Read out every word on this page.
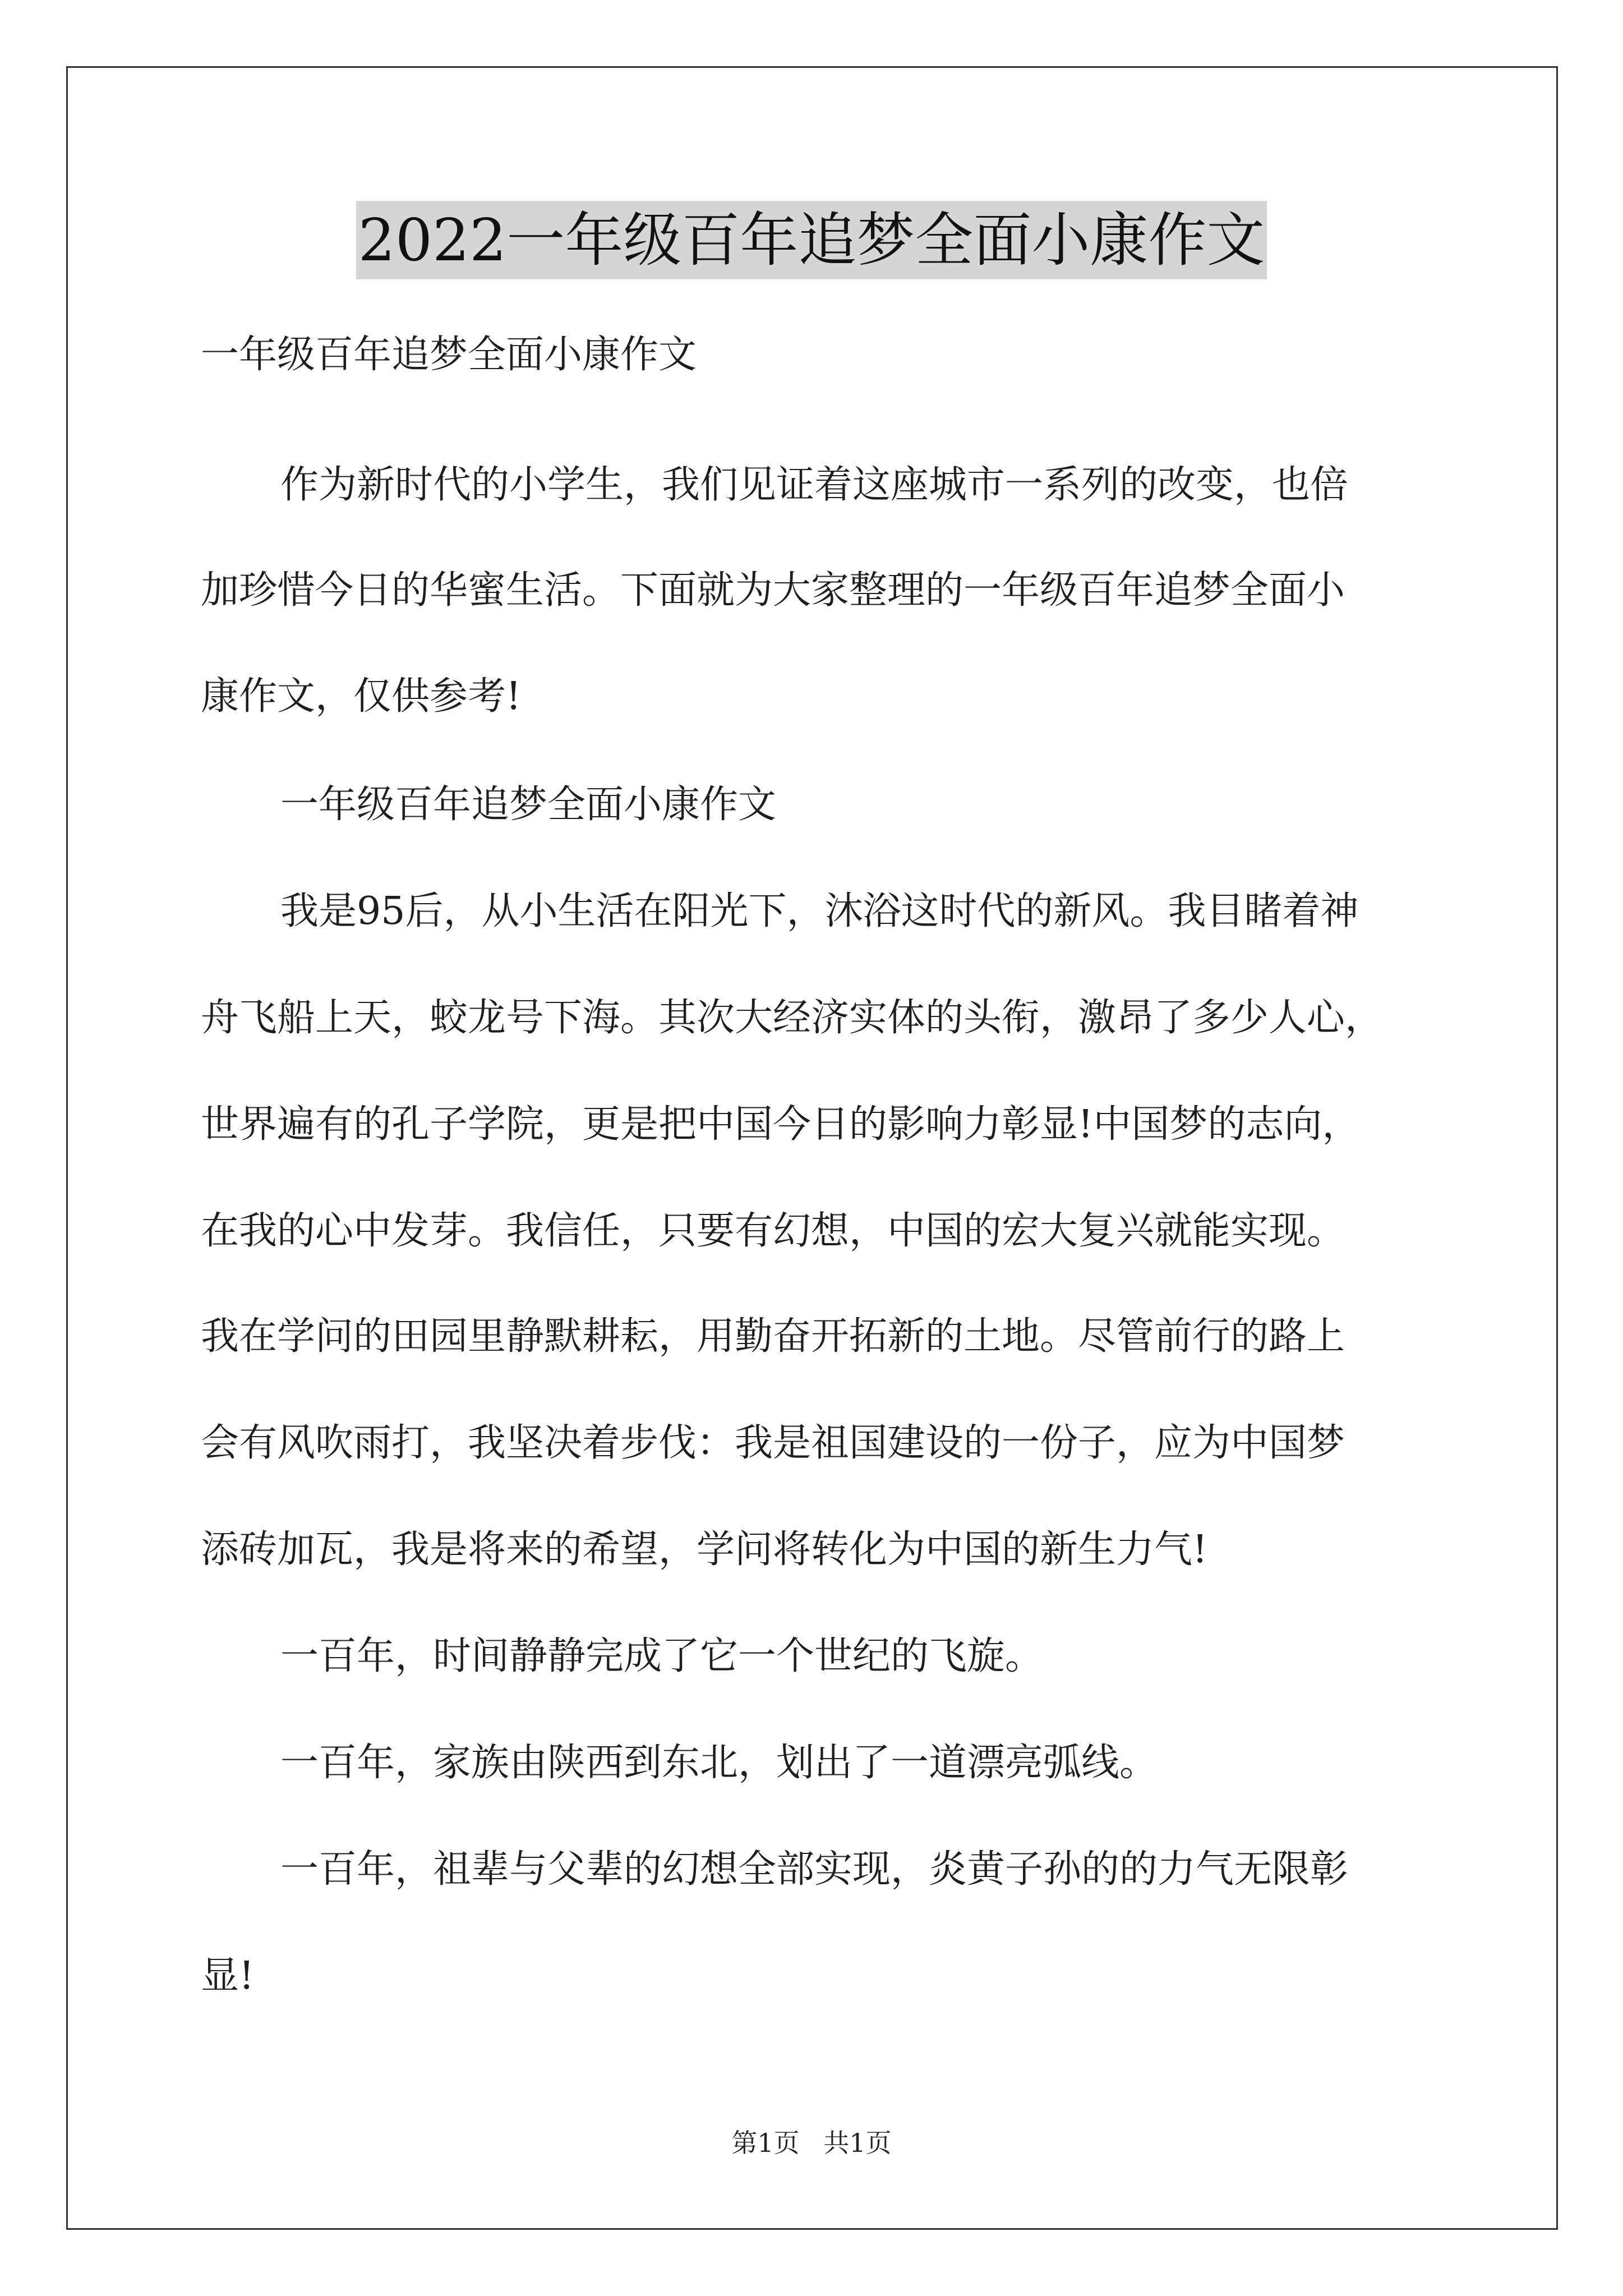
2022一年级百年追梦全面小康作文
一年级百年追梦全面小康作文
作为新时代的小学生，我们见证着这座城市一系列的改变，也倍
加珍惜今日的华蜜生活。下面就为大家整理的一年级百年追梦全面小
康作文，仅供参考!
一年级百年追梦全面小康作文
我是95后，从小生活在阳光下，沐浴这时代的新风。我目睹着神
舟飞船上天，蛟龙号下海。其次大经济实体的头衔，激昂了多少人心，
世界遍有的孔子学院，更是把中国今日的影响力彰显!中国梦的志向，
在我的心中发芽。我信任，只要有幻想，中国的宏大复兴就能实现。
我在学问的田园里静默耕耘，用勤奋开拓新的土地。尽管前行的路上
会有风吹雨打，我坚决着步伐：我是祖国建设的一份子，应为中国梦
添砖加瓦，我是将来的希望，学问将转化为中国的新生力气!
一百年，时间静静完成了它一个世纪的飞旋。
一百年，家族由陕西到东北，划出了一道漂亮弧线。
一百年，祖辈与父辈的幻想全部实现，炎黄子孙的的力气无限彰
显!
第1页 共1页
